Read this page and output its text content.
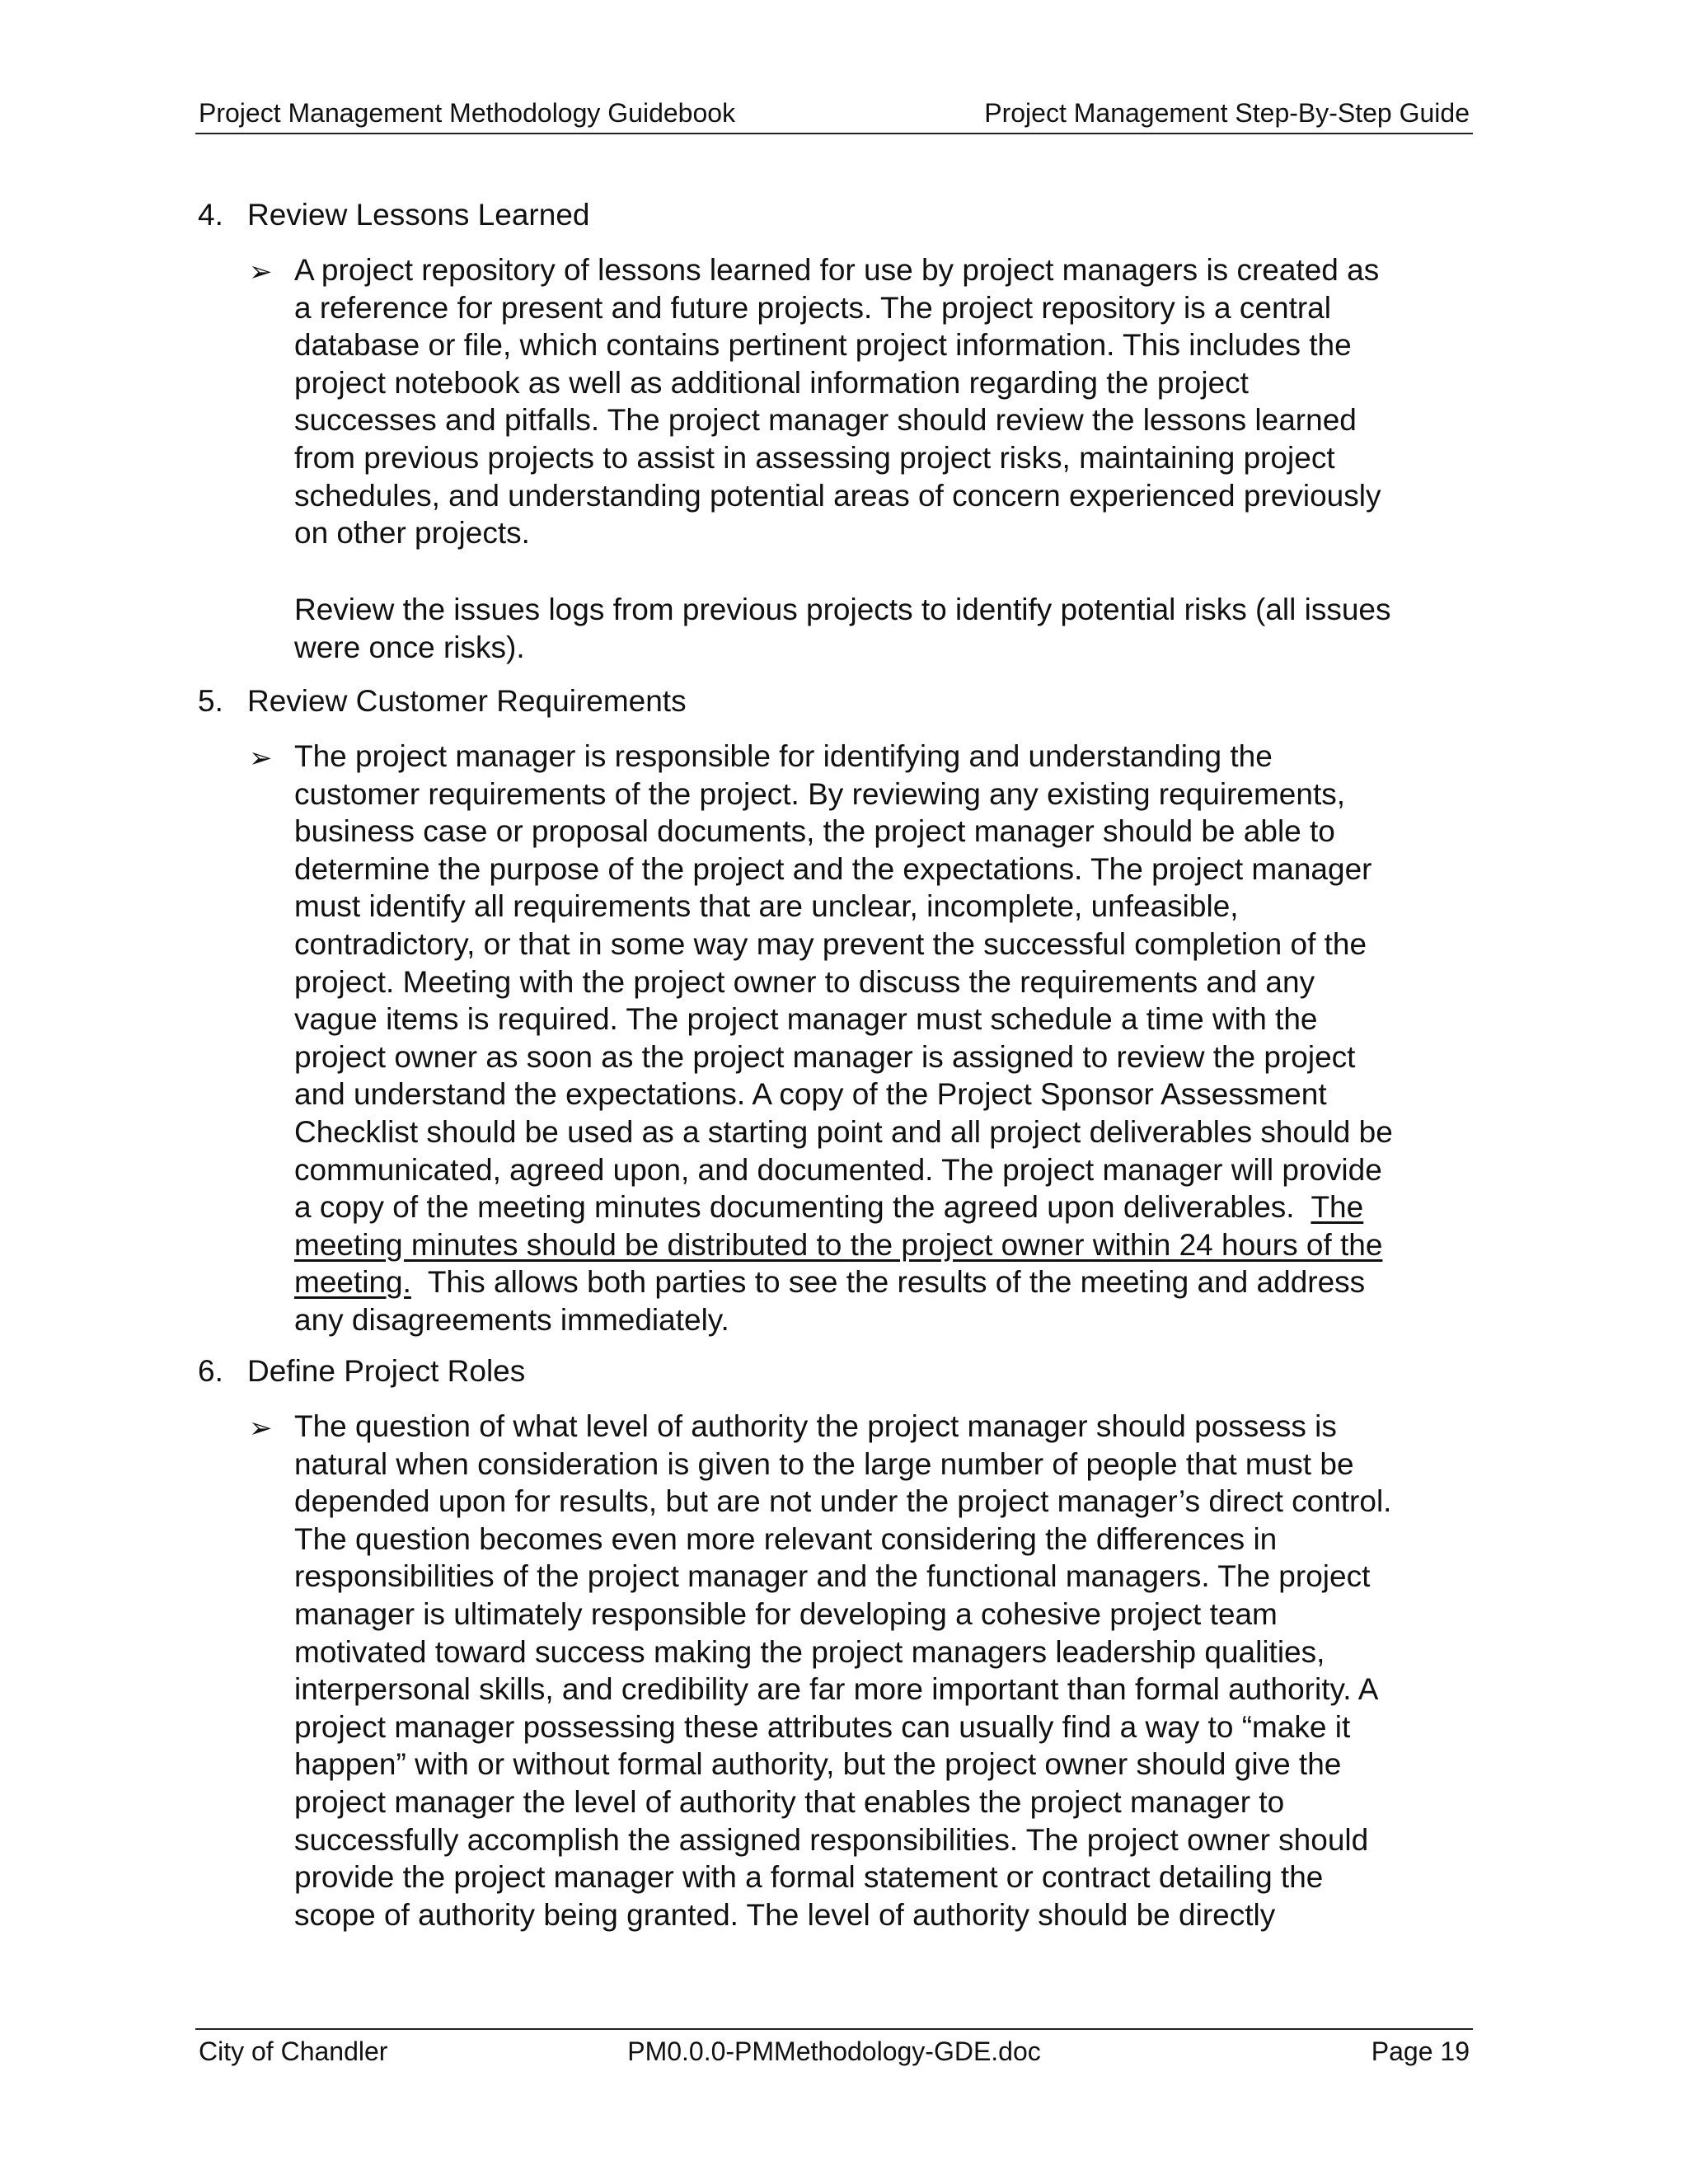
Project Management Methodology Guidebook	Project Management Step-By-Step Guide
4. Review Lessons Learned
➢ A project repository of lessons learned for use by project managers is created as
a reference for present and future projects. The project repository is a central
database or file, which contains pertinent project information. This includes the
project notebook as well as additional information regarding the project
successes and pitfalls. The project manager should review the lessons learned
from previous projects to assist in assessing project risks, maintaining project
schedules, and understanding potential areas of concern experienced previously
on other projects.
Review the issues logs from previous projects to identify potential risks (all issues
were once risks).
5. Review Customer Requirements
➢ The project manager is responsible for identifying and understanding the
customer requirements of the project. By reviewing any existing requirements,
business case or proposal documents, the project manager should be able to
determine the purpose of the project and the expectations. The project manager
must identify all requirements that are unclear, incomplete, unfeasible,
contradictory, or that in some way may prevent the successful completion of the
project. Meeting with the project owner to discuss the requirements and any
vague items is required. The project manager must schedule a time with the
project owner as soon as the project manager is assigned to review the project
and understand the expectations. A copy of the Project Sponsor Assessment
Checklist should be used as a starting point and all project deliverables should be
communicated, agreed upon, and documented. The project manager will provide
a copy of the meeting minutes documenting the agreed upon deliverables.  The
meeting minutes should be distributed to the project owner within 24 hours of the
meeting.  This allows both parties to see the results of the meeting and address
any disagreements immediately.
6. Define Project Roles
➢ The question of what level of authority the project manager should possess is
natural when consideration is given to the large number of people that must be
depended upon for results, but are not under the project manager’s direct control.
The question becomes even more relevant considering the differences in
responsibilities of the project manager and the functional managers. The project
manager is ultimately responsible for developing a cohesive project team
motivated toward success making the project managers leadership qualities,
interpersonal skills, and credibility are far more important than formal authority. A
project manager possessing these attributes can usually find a way to “make it
happen” with or without formal authority, but the project owner should give the
project manager the level of authority that enables the project manager to
successfully accomplish the assigned responsibilities. The project owner should
provide the project manager with a formal statement or contract detailing the
scope of authority being granted. The level of authority should be directly
City of Chandler	PM0.0.0-PMMethodology-GDE.doc	Page 19
